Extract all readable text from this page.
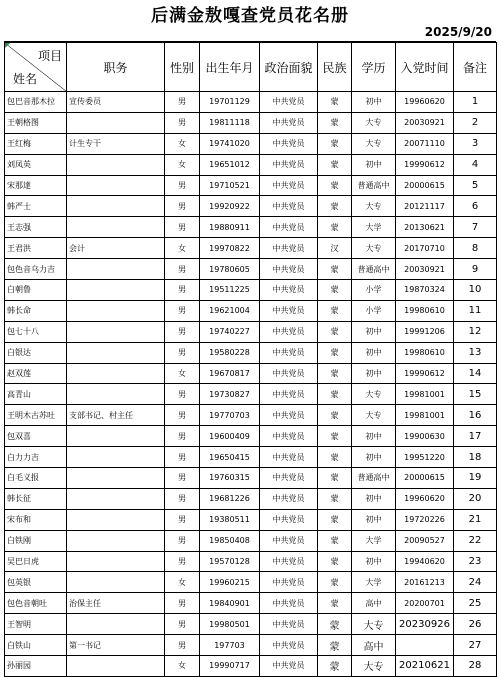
后满金敖嘎查党员花名册
2025/9/20
项目
姓名	职务	性别	出生年月	政治面貌	民族	学历	入党时间	备注
包巴音那木拉	宣传委员	男	19701129	中共党员	蒙	初中	19960620	1
王朝格图		男	19811118	中共党员	蒙	大专	20030921	2
王红梅	计生专干	女	19741020	中共党员	蒙	大专	20071110	3
刘凤英		女	19651012	中共党员	蒙	初中	19990612	4
宋那達		男	19710521	中共党员	蒙	普通高中	20000615	5
韩严士		男	19920922	中共党员	蒙	大专	20121117	6
王志强		男	19880911	中共党员	蒙	大学	20130621	7
王君洪	会计	女	19970822	中共党员	汉	大专	20170710	8
包色音乌力吉		男	19780605	中共党员	蒙	普通高中	20030921	9
白朝鲁		男	19511225	中共党员	蒙	小学	19870324	10
韩长命		男	19621004	中共党员	蒙	小学	19980610	11
包七十八		男	19740227	中共党员	蒙	初中	19991206	12
白银达		男	19580228	中共党员	蒙	初中	19980610	13
赵双莲		女	19670817	中共党员	蒙	初中	19990612	14
高青山		男	19730827	中共党员	蒙	大专	19981001	15
王明木古苏吐	支部书记、村主任	男	19770703	中共党员	蒙	大专	19981001	16
包双喜		男	19600409	中共党员	蒙	初中	19900630	17
白力力吉		男	19650415	中共党员	蒙	初中	19951220	18
白毛义报		男	19760315	中共党员	蒙	普通高中	20000615	19
韩长征		男	19681226	中共党员	蒙	初中	19960620	20
宋布和		男	19380511	中共党员	蒙	初中	19720226	21
白铁刚		男	19850408	中共党员	蒙	大学	20090527	22
吴巴日虎		男	19570128	中共党员	蒙	初中	19940620	23
包英银		女	19960215	中共党员	蒙	大学	20161213	24
包色音朝吐	治保主任	男	19840901	中共党员	蒙	高中	20200701	25
王智明		男	19980501	中共党员	蒙	大专	20230926	26
白铁山	第一书记	男	197703	中共党员	蒙	高中		27
孙丽园		女	19990717	中共党员	蒙	大专	20210621	28
